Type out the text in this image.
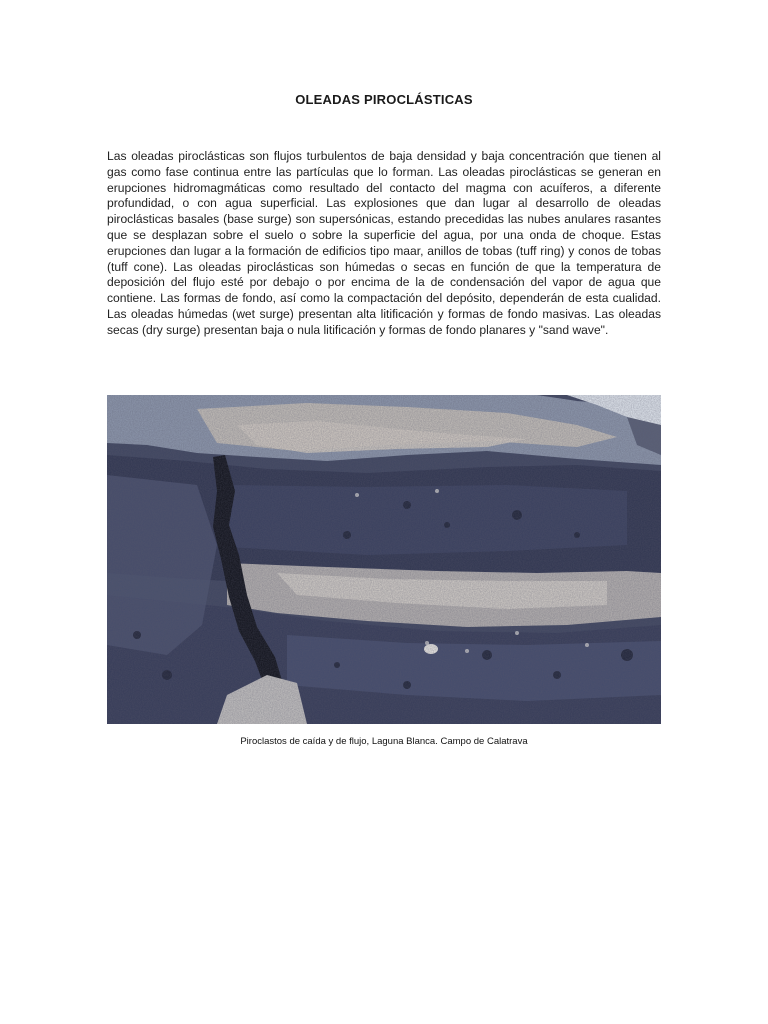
OLEADAS PIROCLÁSTICAS
Las oleadas piroclásticas son flujos turbulentos de baja densidad y baja concentración que tienen al gas como fase continua entre las partículas que lo forman. Las oleadas piroclásticas se generan en erupciones hidromagmáticas como resultado del contacto del magma con acuíferos, a diferente profundidad, o con agua superficial. Las explosiones que dan lugar al desarrollo de oleadas piroclásticas basales (base surge) son supersónicas, estando precedidas las nubes anulares rasantes que se desplazan sobre el suelo o sobre la superficie del agua, por una onda de choque. Estas erupciones dan lugar a la formación de edificios tipo maar, anillos de tobas (tuff ring) y conos de tobas (tuff cone). Las oleadas piroclásticas son húmedas o secas en función de que la temperatura de deposición del flujo esté por debajo o por encima de la de condensación del vapor de agua que contiene. Las formas de fondo, así como la compactación del depósito, dependerán de esta cualidad. Las oleadas húmedas (wet surge) presentan alta litificación y formas de fondo masivas. Las oleadas secas (dry surge) presentan baja o nula litificación y formas de fondo planares y "sand wave".
Piroclastos de caída y de flujo, Laguna Blanca. Campo de Calatrava
